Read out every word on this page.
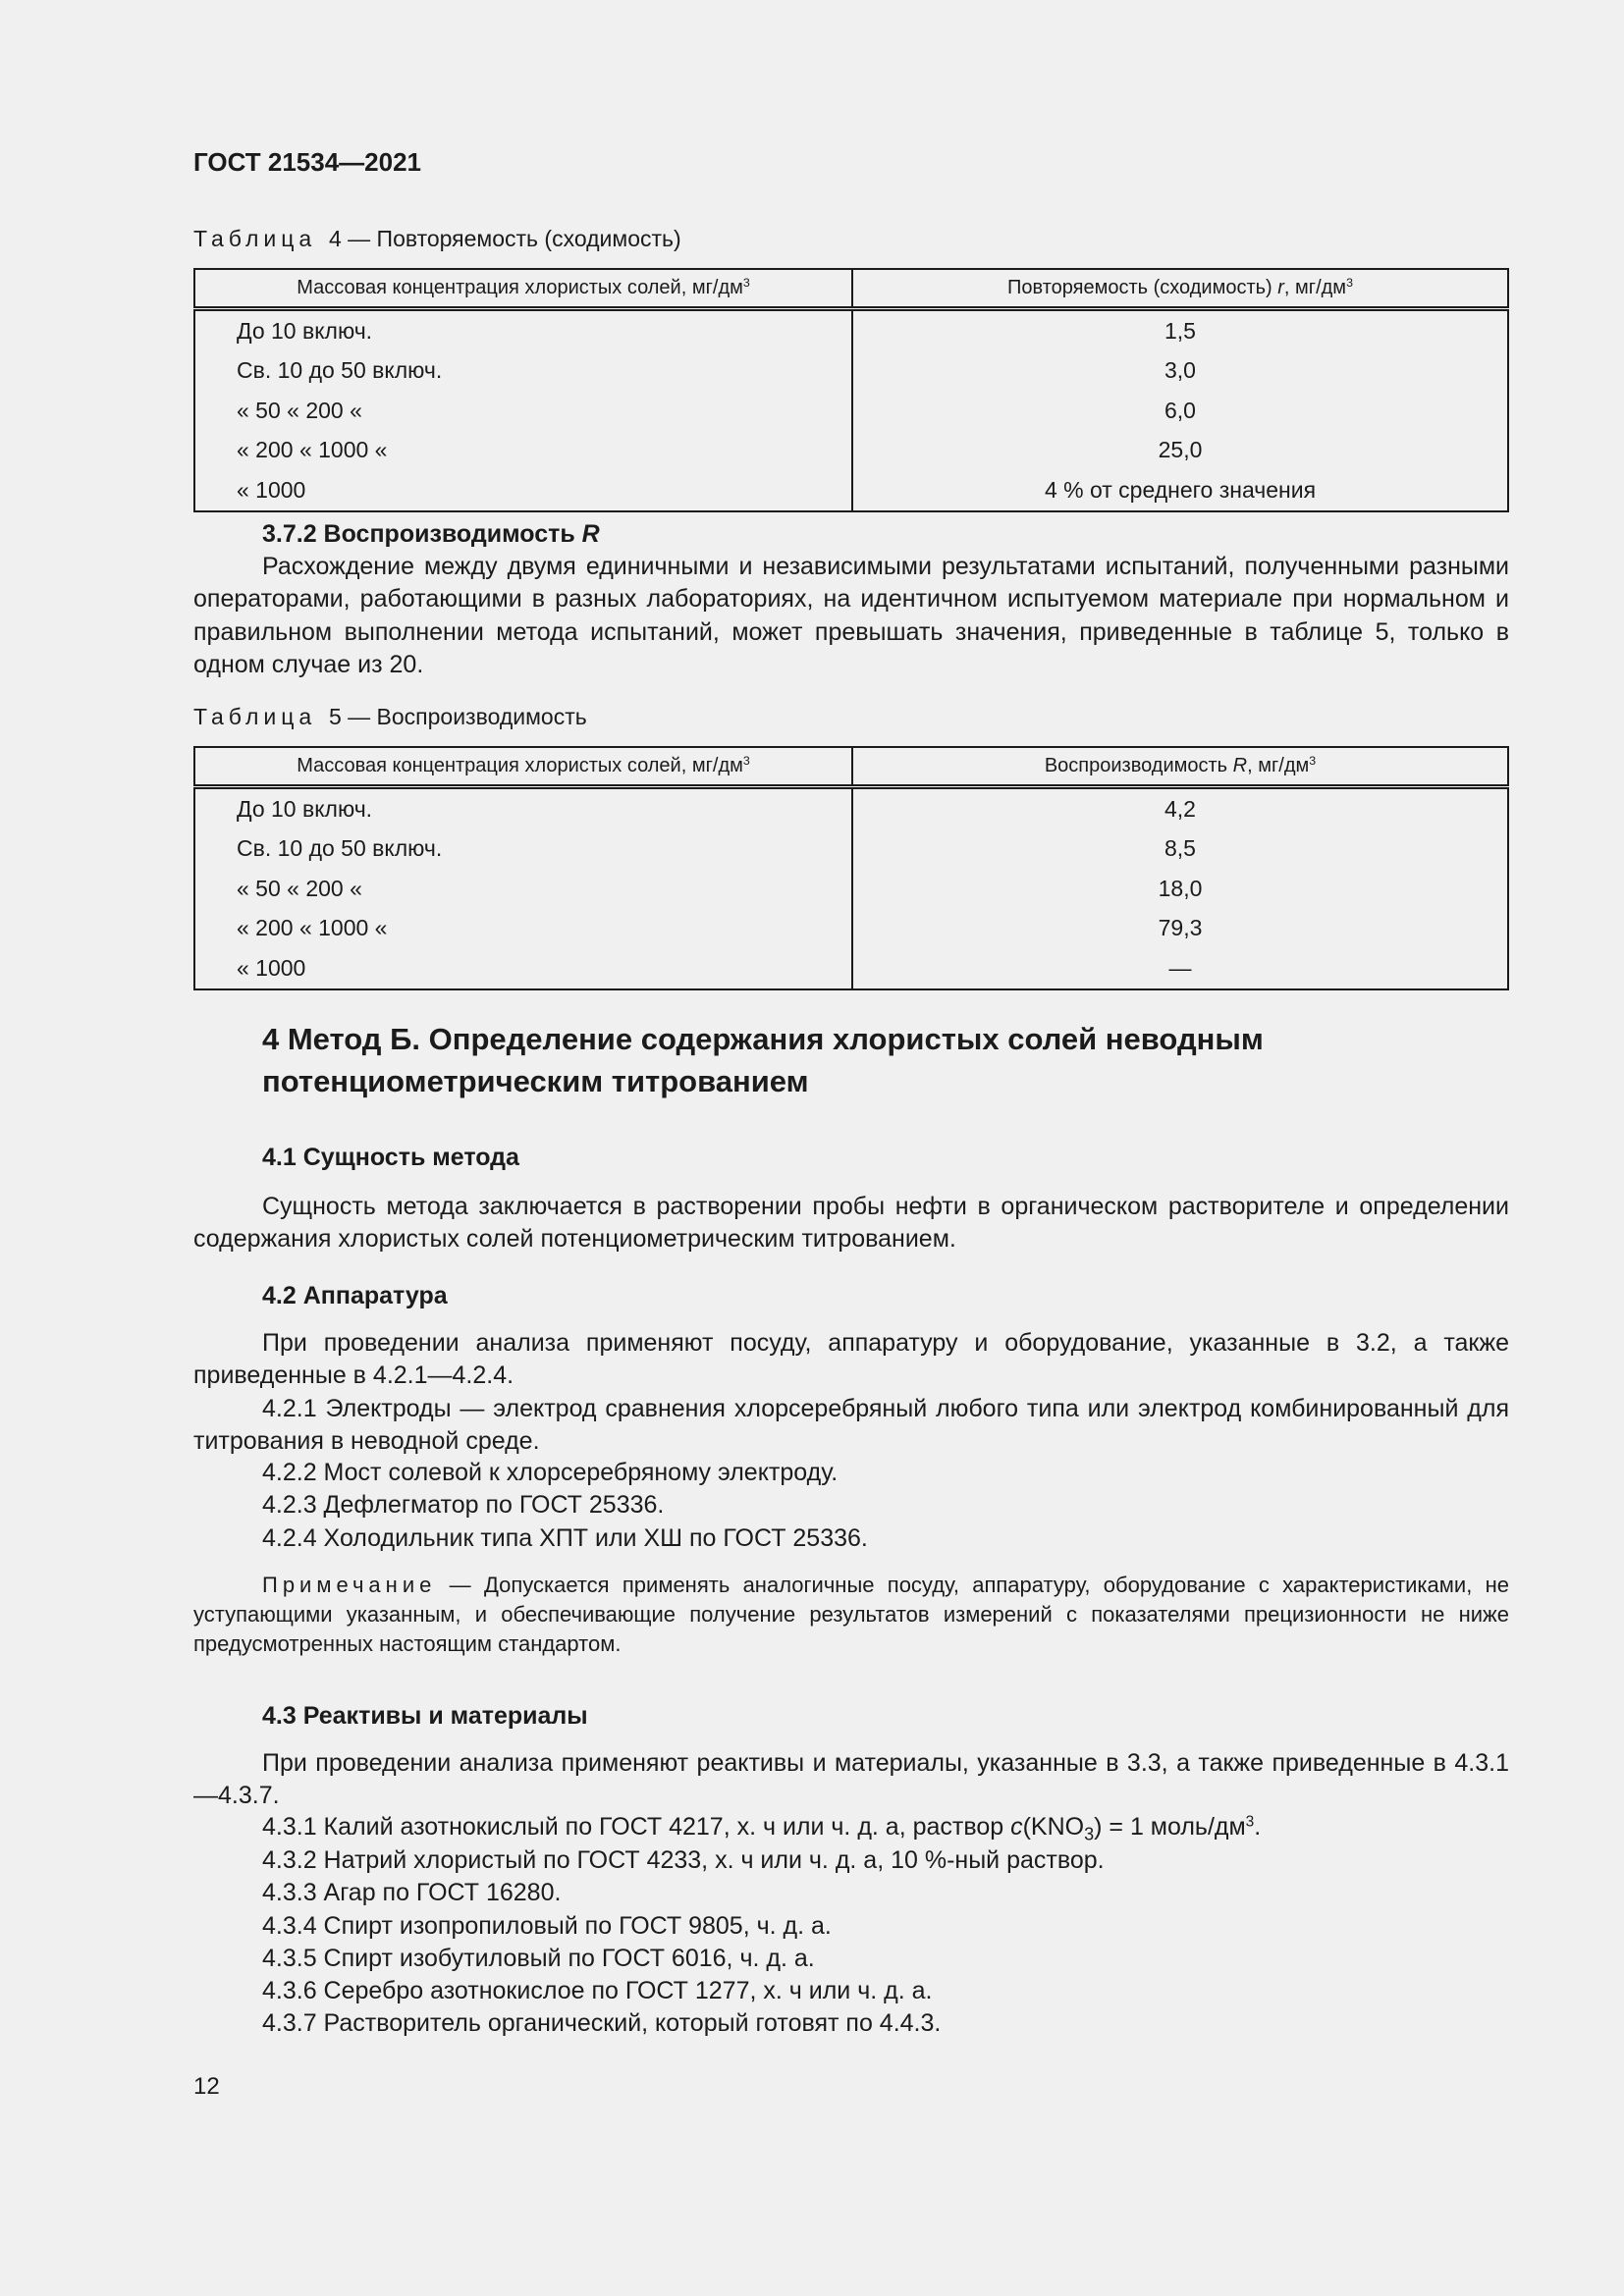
ГОСТ 21534—2021
Таблица 4 — Повторяемость (сходимость)
Массовая концентрация хлористых солей, $мг/дм^3$	Повторяемость (сходимость) r, $мг/дм^3$
До 10 включ.	1,5
Св. 10 до 50 включ.	3,0
« 50 « 200 «	6,0
« 200 « 1000 «	25,0
« 1000	4 % от среднего значения
3.7.2 Воспроизводимость R

Расхождение между двумя единичными и независимыми результатами испытаний, полученными разными операторами, работающими в разных лабораториях, на идентичном испытуемом материале при нормальном и правильном выполнении метода испытаний, может превышать значения, приведенные в таблице 5, только в одном случае из 20.

Таблица 5 — Воспроизводимость
Массовая концентрация хлористых солей, $мг/дм^3$	Воспроизводимость R, $мг/дм^3$
До 10 включ.	4,2
Св. 10 до 50 включ.	8,5
« 50 « 200 «	18,0
« 200 « 1000 «	79,3
« 1000	—
4 Метод Б. Определение содержания хлористых солей неводным
потенциометрическим титрованием
4.1 Сущность метода

Сущность метода заключается в растворении пробы нефти в органическом растворителе и определении содержания хлористых солей потенциометрическим титрованием.

4.2 Аппаратура

При проведении анализа применяют посуду, аппаратуру и оборудование, указанные в 3.2, а также приведенные в 4.2.1—4.2.4.

4.2.1 Электроды — электрод сравнения хлорсеребряный любого типа или электрод комбинированный для титрования в неводной среде.

4.2.2 Мост солевой к хлорсеребряному электроду.
4.2.3 Дефлегматор по ГОСТ 25336.
4.2.4 Холодильник типа ХПТ или ХШ по ГОСТ 25336.

Примечание — Допускается применять аналогичные посуду, аппаратуру, оборудование с характеристиками, не уступающими указанным, и обеспечивающие получение результатов измерений с показателями прецизионности не ниже предусмотренных настоящим стандартом.

4.3 Реактивы и материалы

При проведении анализа применяют реактивы и материалы, указанные в 3.3, а также приведенные в 4.3.1—4.3.7.

4.3.1 Калий азотнокислый по ГОСТ 4217, х. ч или ч. д. а, раствор $c(KNO_3) = 1$ моль/$дм^3$.
4.3.2 Натрий хлористый по ГОСТ 4233, х. ч или ч. д. а, 10 %-ный раствор.
4.3.3 Агар по ГОСТ 16280.
4.3.4 Спирт изопропиловый по ГОСТ 9805, ч. д. а.
4.3.5 Спирт изобутиловый по ГОСТ 6016, ч. д. а.
4.3.6 Серебро азотнокислое по ГОСТ 1277, х. ч или ч. д. а.
4.3.7 Растворитель органический, который готовят по 4.4.3.
12
